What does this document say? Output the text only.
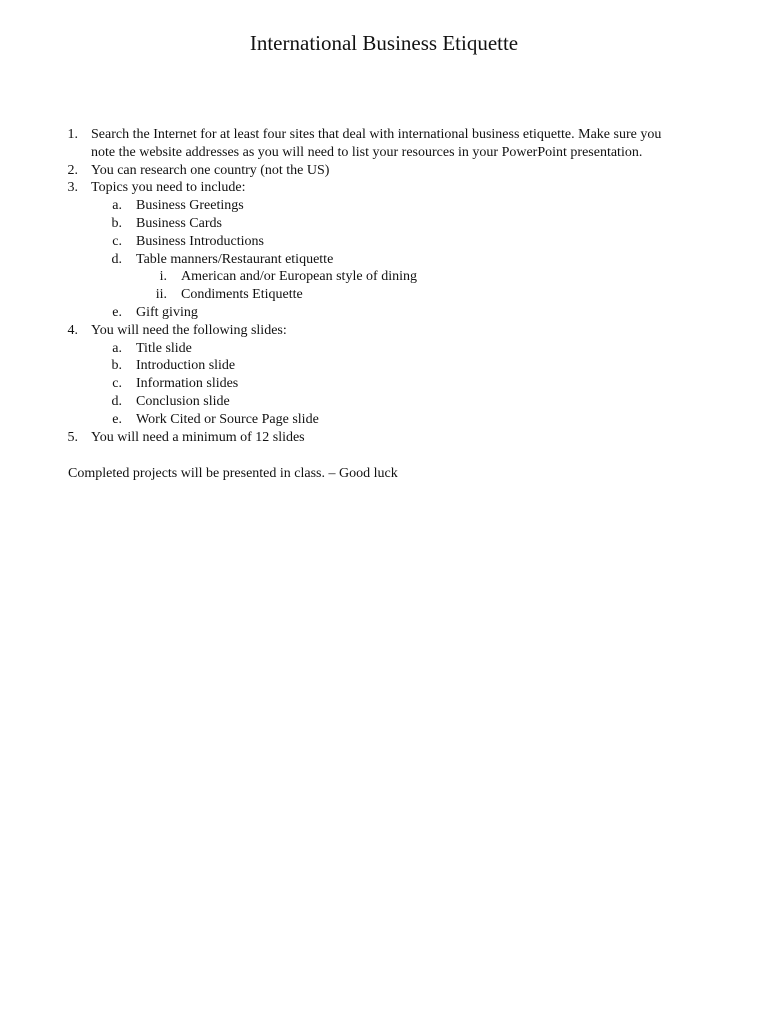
International Business Etiquette
1. Search the Internet for at least four sites that deal with international business etiquette. Make sure you
note the website addresses as you will need to list your resources in your PowerPoint presentation.
2. You can research one country (not the US)
3. Topics you need to include:
a. Business Greetings
b. Business Cards
c. Business Introductions
d. Table manners/Restaurant etiquette
i. American and/or European style of dining
ii. Condiments Etiquette
e. Gift giving
4. You will need the following slides:
a. Title slide
b. Introduction slide
c. Information slides
d. Conclusion slide
e. Work Cited or Source Page slide
5. You will need a minimum of 12 slides
Completed projects will be presented in class. – Good luck
